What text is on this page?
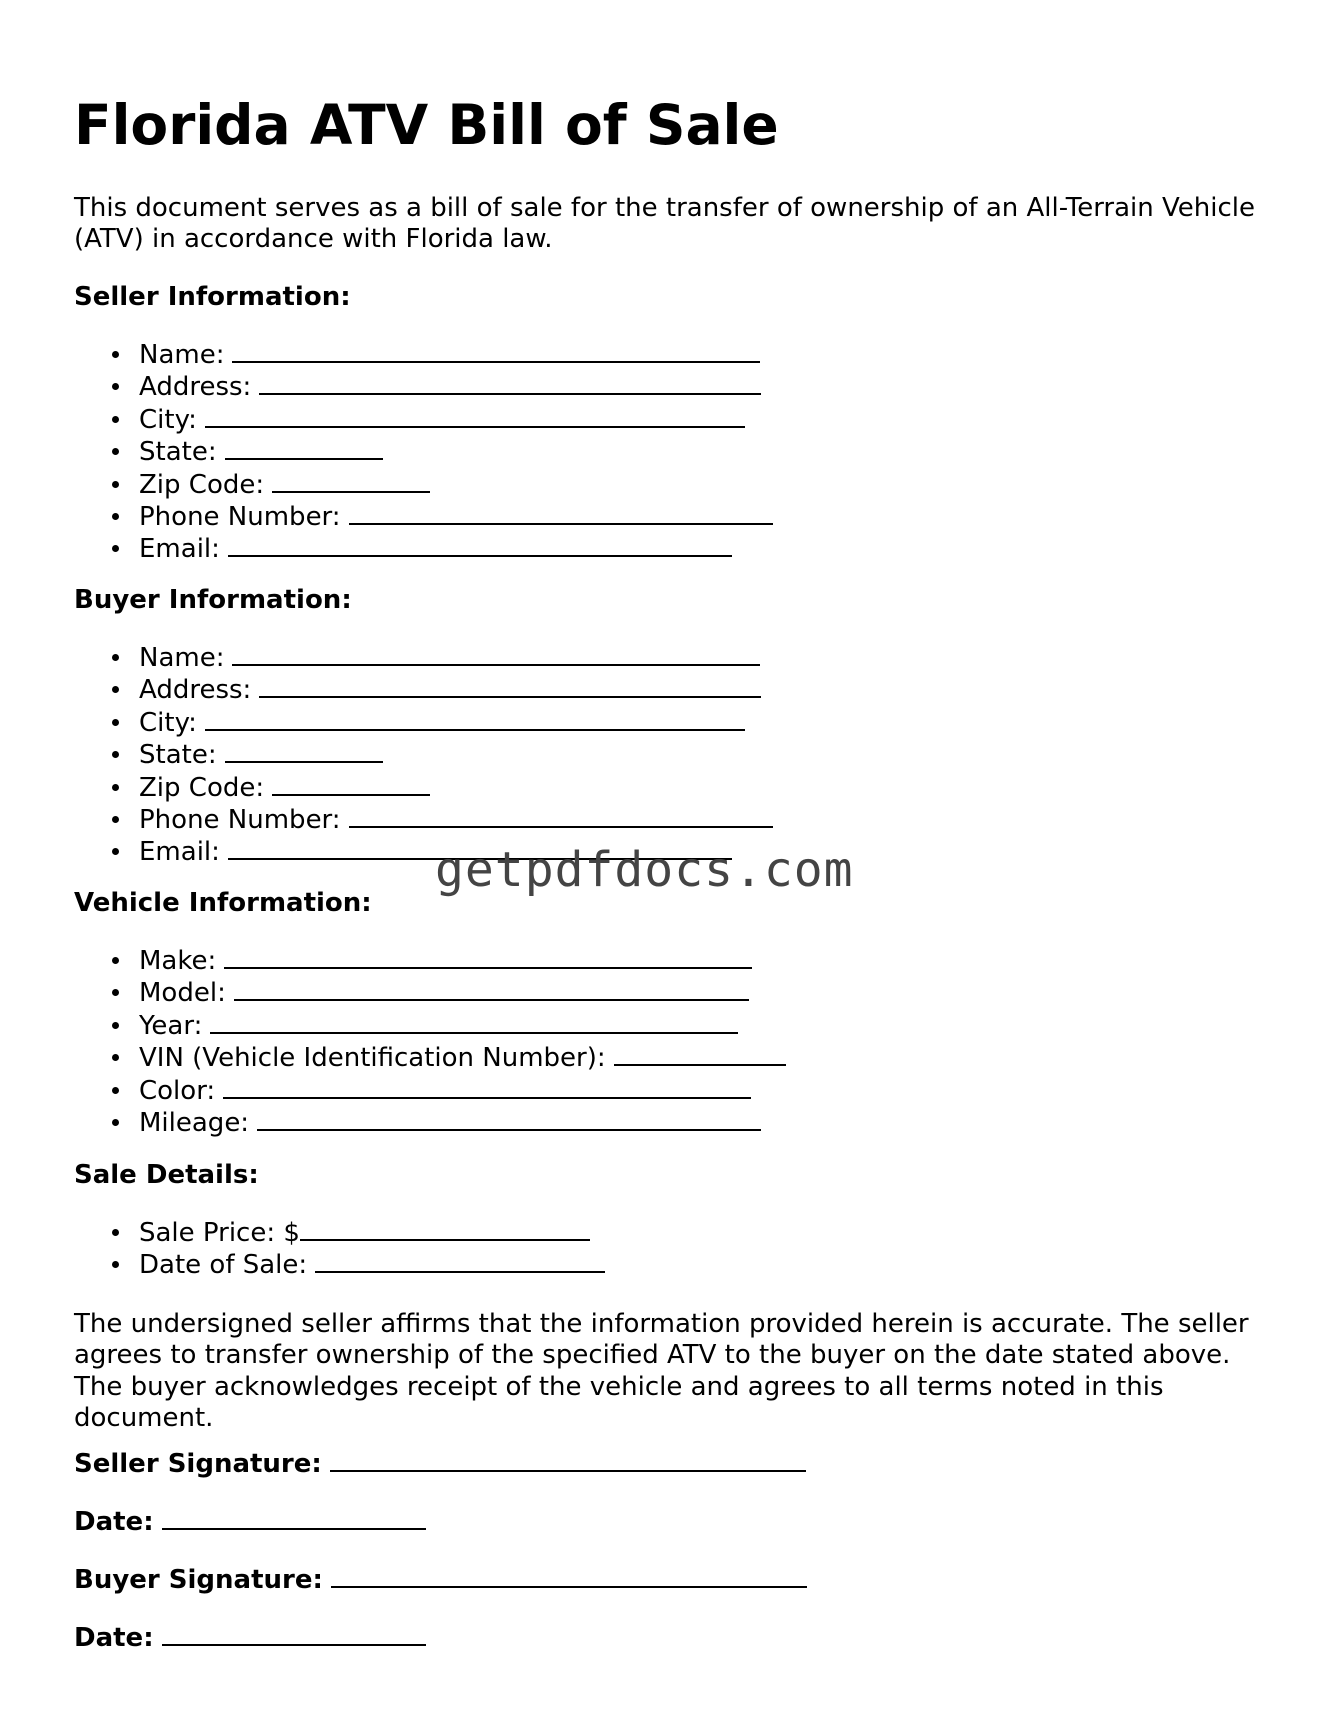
Florida ATV Bill of Sale

This document serves as a bill of sale for the transfer of ownership of an All-Terrain Vehicle (ATV) in accordance with Florida law.

Seller Information:

Name:
Address:
City:
State:
Zip Code:
Phone Number:
Email:

Buyer Information:

Name:
Address:
City:
State:
Zip Code:
Phone Number:
Email:

Vehicle Information:

Make:
Model:
Year:
VIN (Vehicle Identification Number):
Color:
Mileage:

Sale Details:

Sale Price: $
Date of Sale:

The undersigned seller affirms that the information provided herein is accurate. The seller agrees to transfer ownership of the specified ATV to the buyer on the date stated above. The buyer acknowledges receipt of the vehicle and agrees to all terms noted in this document.

Seller Signature:

Date:

Buyer Signature:

Date:

getpdfdocs.com
